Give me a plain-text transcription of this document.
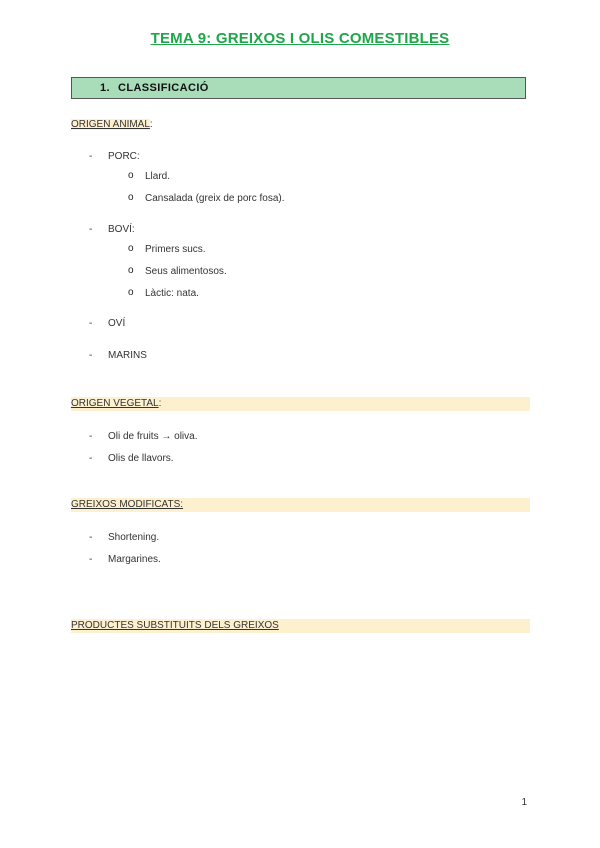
TEMA 9: GREIXOS I OLIS COMESTIBLES
1. CLASSIFICACIÓ
ORIGEN ANIMAL:
- PORC:
o Llard.
o Cansalada (greix de porc fosa).
- BOVÍ:
o Primers sucs.
o Seus alimentosos.
o Làctic: nata.
- OVÍ
- MARINS
ORIGEN VEGETAL:
- Oli de fruits → oliva.
- Olis de llavors.
GREIXOS MODIFICATS:
- Shortening.
- Margarines.
PRODUCTES SUBSTITUITS DELS GREIXOS
1
